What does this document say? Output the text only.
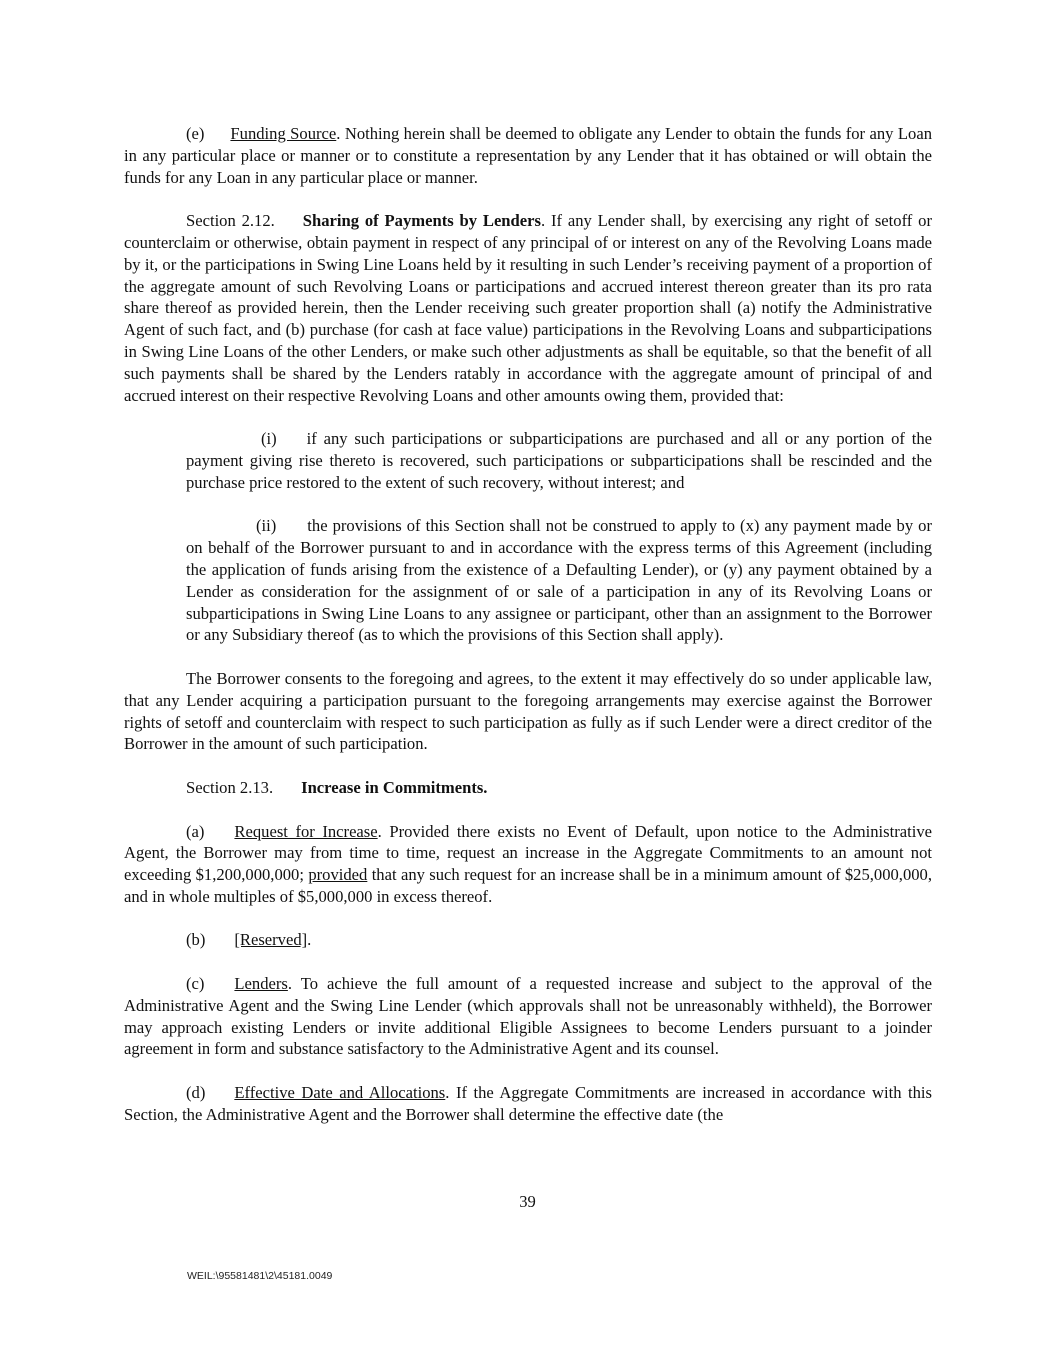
(e) Funding Source. Nothing herein shall be deemed to obligate any Lender to obtain the funds for any Loan in any particular place or manner or to constitute a representation by any Lender that it has obtained or will obtain the funds for any Loan in any particular place or manner.

Section 2.12. Sharing of Payments by Lenders. If any Lender shall, by exercising any right of setoff or counterclaim or otherwise, obtain payment in respect of any principal of or interest on any of the Revolving Loans made by it, or the participations in Swing Line Loans held by it resulting in such Lender’s receiving payment of a proportion of the aggregate amount of such Revolving Loans or participations and accrued interest thereon greater than its pro rata share thereof as provided herein, then the Lender receiving such greater proportion shall (a) notify the Administrative Agent of such fact, and (b) purchase (for cash at face value) participations in the Revolving Loans and subparticipations in Swing Line Loans of the other Lenders, or make such other adjustments as shall be equitable, so that the benefit of all such payments shall be shared by the Lenders ratably in accordance with the aggregate amount of principal of and accrued interest on their respective Revolving Loans and other amounts owing them, provided that:

(i) if any such participations or subparticipations are purchased and all or any portion of the payment giving rise thereto is recovered, such participations or subparticipations shall be rescinded and the purchase price restored to the extent of such recovery, without interest; and

(ii) the provisions of this Section shall not be construed to apply to (x) any payment made by or on behalf of the Borrower pursuant to and in accordance with the express terms of this Agreement (including the application of funds arising from the existence of a Defaulting Lender), or (y) any payment obtained by a Lender as consideration for the assignment of or sale of a participation in any of its Revolving Loans or subparticipations in Swing Line Loans to any assignee or participant, other than an assignment to the Borrower or any Subsidiary thereof (as to which the provisions of this Section shall apply).

The Borrower consents to the foregoing and agrees, to the extent it may effectively do so under applicable law, that any Lender acquiring a participation pursuant to the foregoing arrangements may exercise against the Borrower rights of setoff and counterclaim with respect to such participation as fully as if such Lender were a direct creditor of the Borrower in the amount of such participation.

Section 2.13. Increase in Commitments.

(a) Request for Increase. Provided there exists no Event of Default, upon notice to the Administrative Agent, the Borrower may from time to time, request an increase in the Aggregate Commitments to an amount not exceeding $1,200,000,000; provided that any such request for an increase shall be in a minimum amount of $25,000,000, and in whole multiples of $5,000,000 in excess thereof.

(b) [Reserved].

(c) Lenders. To achieve the full amount of a requested increase and subject to the approval of the Administrative Agent and the Swing Line Lender (which approvals shall not be unreasonably withheld), the Borrower may approach existing Lenders or invite additional Eligible Assignees to become Lenders pursuant to a joinder agreement in form and substance satisfactory to the Administrative Agent and its counsel.

(d) Effective Date and Allocations. If the Aggregate Commitments are increased in accordance with this Section, the Administrative Agent and the Borrower shall determine the effective date (the

39
WEIL:\95581481\2\45181.0049
